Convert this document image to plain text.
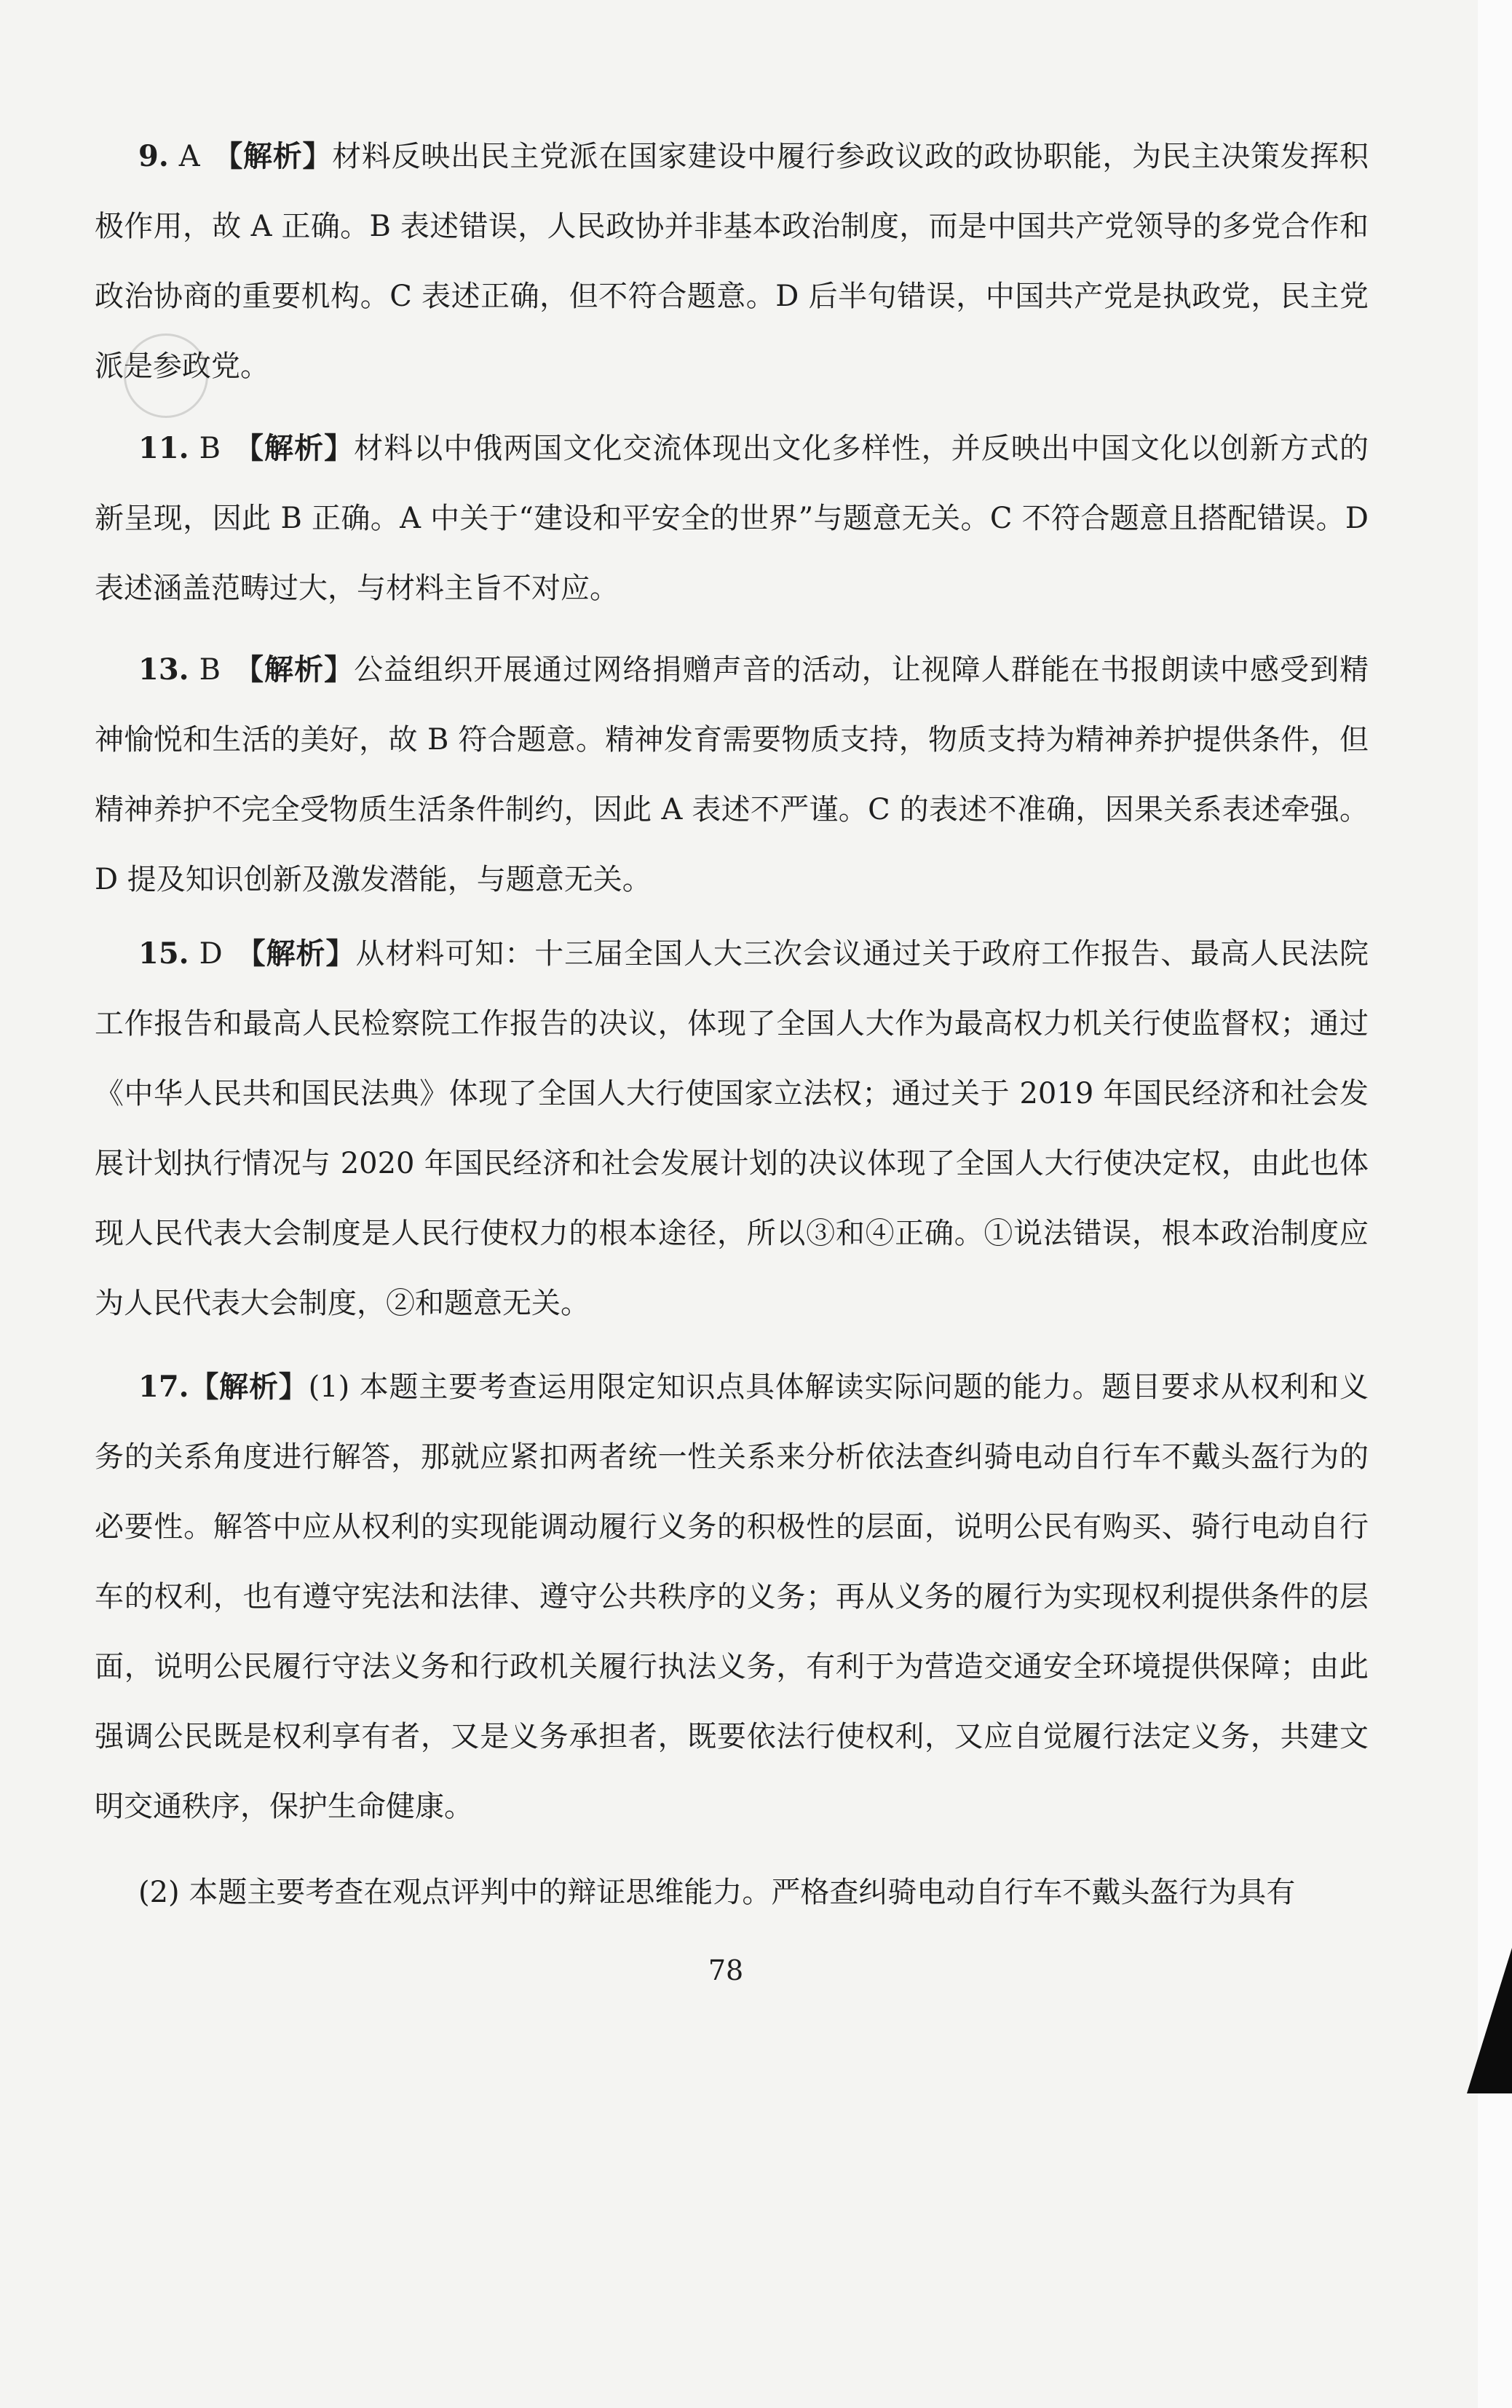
9. A 【解析】材料反映出民主党派在国家建设中履行参政议政的政协职能，为民主决策发挥积极作用，故 A 正确。B 表述错误，人民政协并非基本政治制度，而是中国共产党领导的多党合作和政治协商的重要机构。C 表述正确，但不符合题意。D 后半句错误，中国共产党是执政党，民主党派是参政党。

11. B 【解析】材料以中俄两国文化交流体现出文化多样性，并反映出中国文化以创新方式的新呈现，因此 B 正确。A 中关于“建设和平安全的世界”与题意无关。C 不符合题意且搭配错误。D 表述涵盖范畴过大，与材料主旨不对应。

13. B 【解析】公益组织开展通过网络捐赠声音的活动，让视障人群能在书报朗读中感受到精神愉悦和生活的美好，故 B 符合题意。精神发育需要物质支持，物质支持为精神养护提供条件，但精神养护不完全受物质生活条件制约，因此 A 表述不严谨。C 的表述不准确，因果关系表述牵强。D 提及知识创新及激发潜能，与题意无关。

15. D 【解析】从材料可知：十三届全国人大三次会议通过关于政府工作报告、最高人民法院工作报告和最高人民检察院工作报告的决议，体现了全国人大作为最高权力机关行使监督权；通过《中华人民共和国民法典》体现了全国人大行使国家立法权；通过关于 2019 年国民经济和社会发展计划执行情况与 2020 年国民经济和社会发展计划的决议体现了全国人大行使决定权，由此也体现人民代表大会制度是人民行使权力的根本途径，所以③和④正确。①说法错误，根本政治制度应为人民代表大会制度，②和题意无关。

17.【解析】(1) 本题主要考查运用限定知识点具体解读实际问题的能力。题目要求从权利和义务的关系角度进行解答，那就应紧扣两者统一性关系来分析依法查纠骑电动自行车不戴头盔行为的必要性。解答中应从权利的实现能调动履行义务的积极性的层面，说明公民有购买、骑行电动自行车的权利，也有遵守宪法和法律、遵守公共秩序的义务；再从义务的履行为实现权利提供条件的层面，说明公民履行守法义务和行政机关履行执法义务，有利于为营造交通安全环境提供保障；由此强调公民既是权利享有者，又是义务承担者，既要依法行使权利，又应自觉履行法定义务，共建文明交通秩序，保护生命健康。

(2) 本题主要考查在观点评判中的辩证思维能力。严格查纠骑电动自行车不戴头盔行为具有

78
